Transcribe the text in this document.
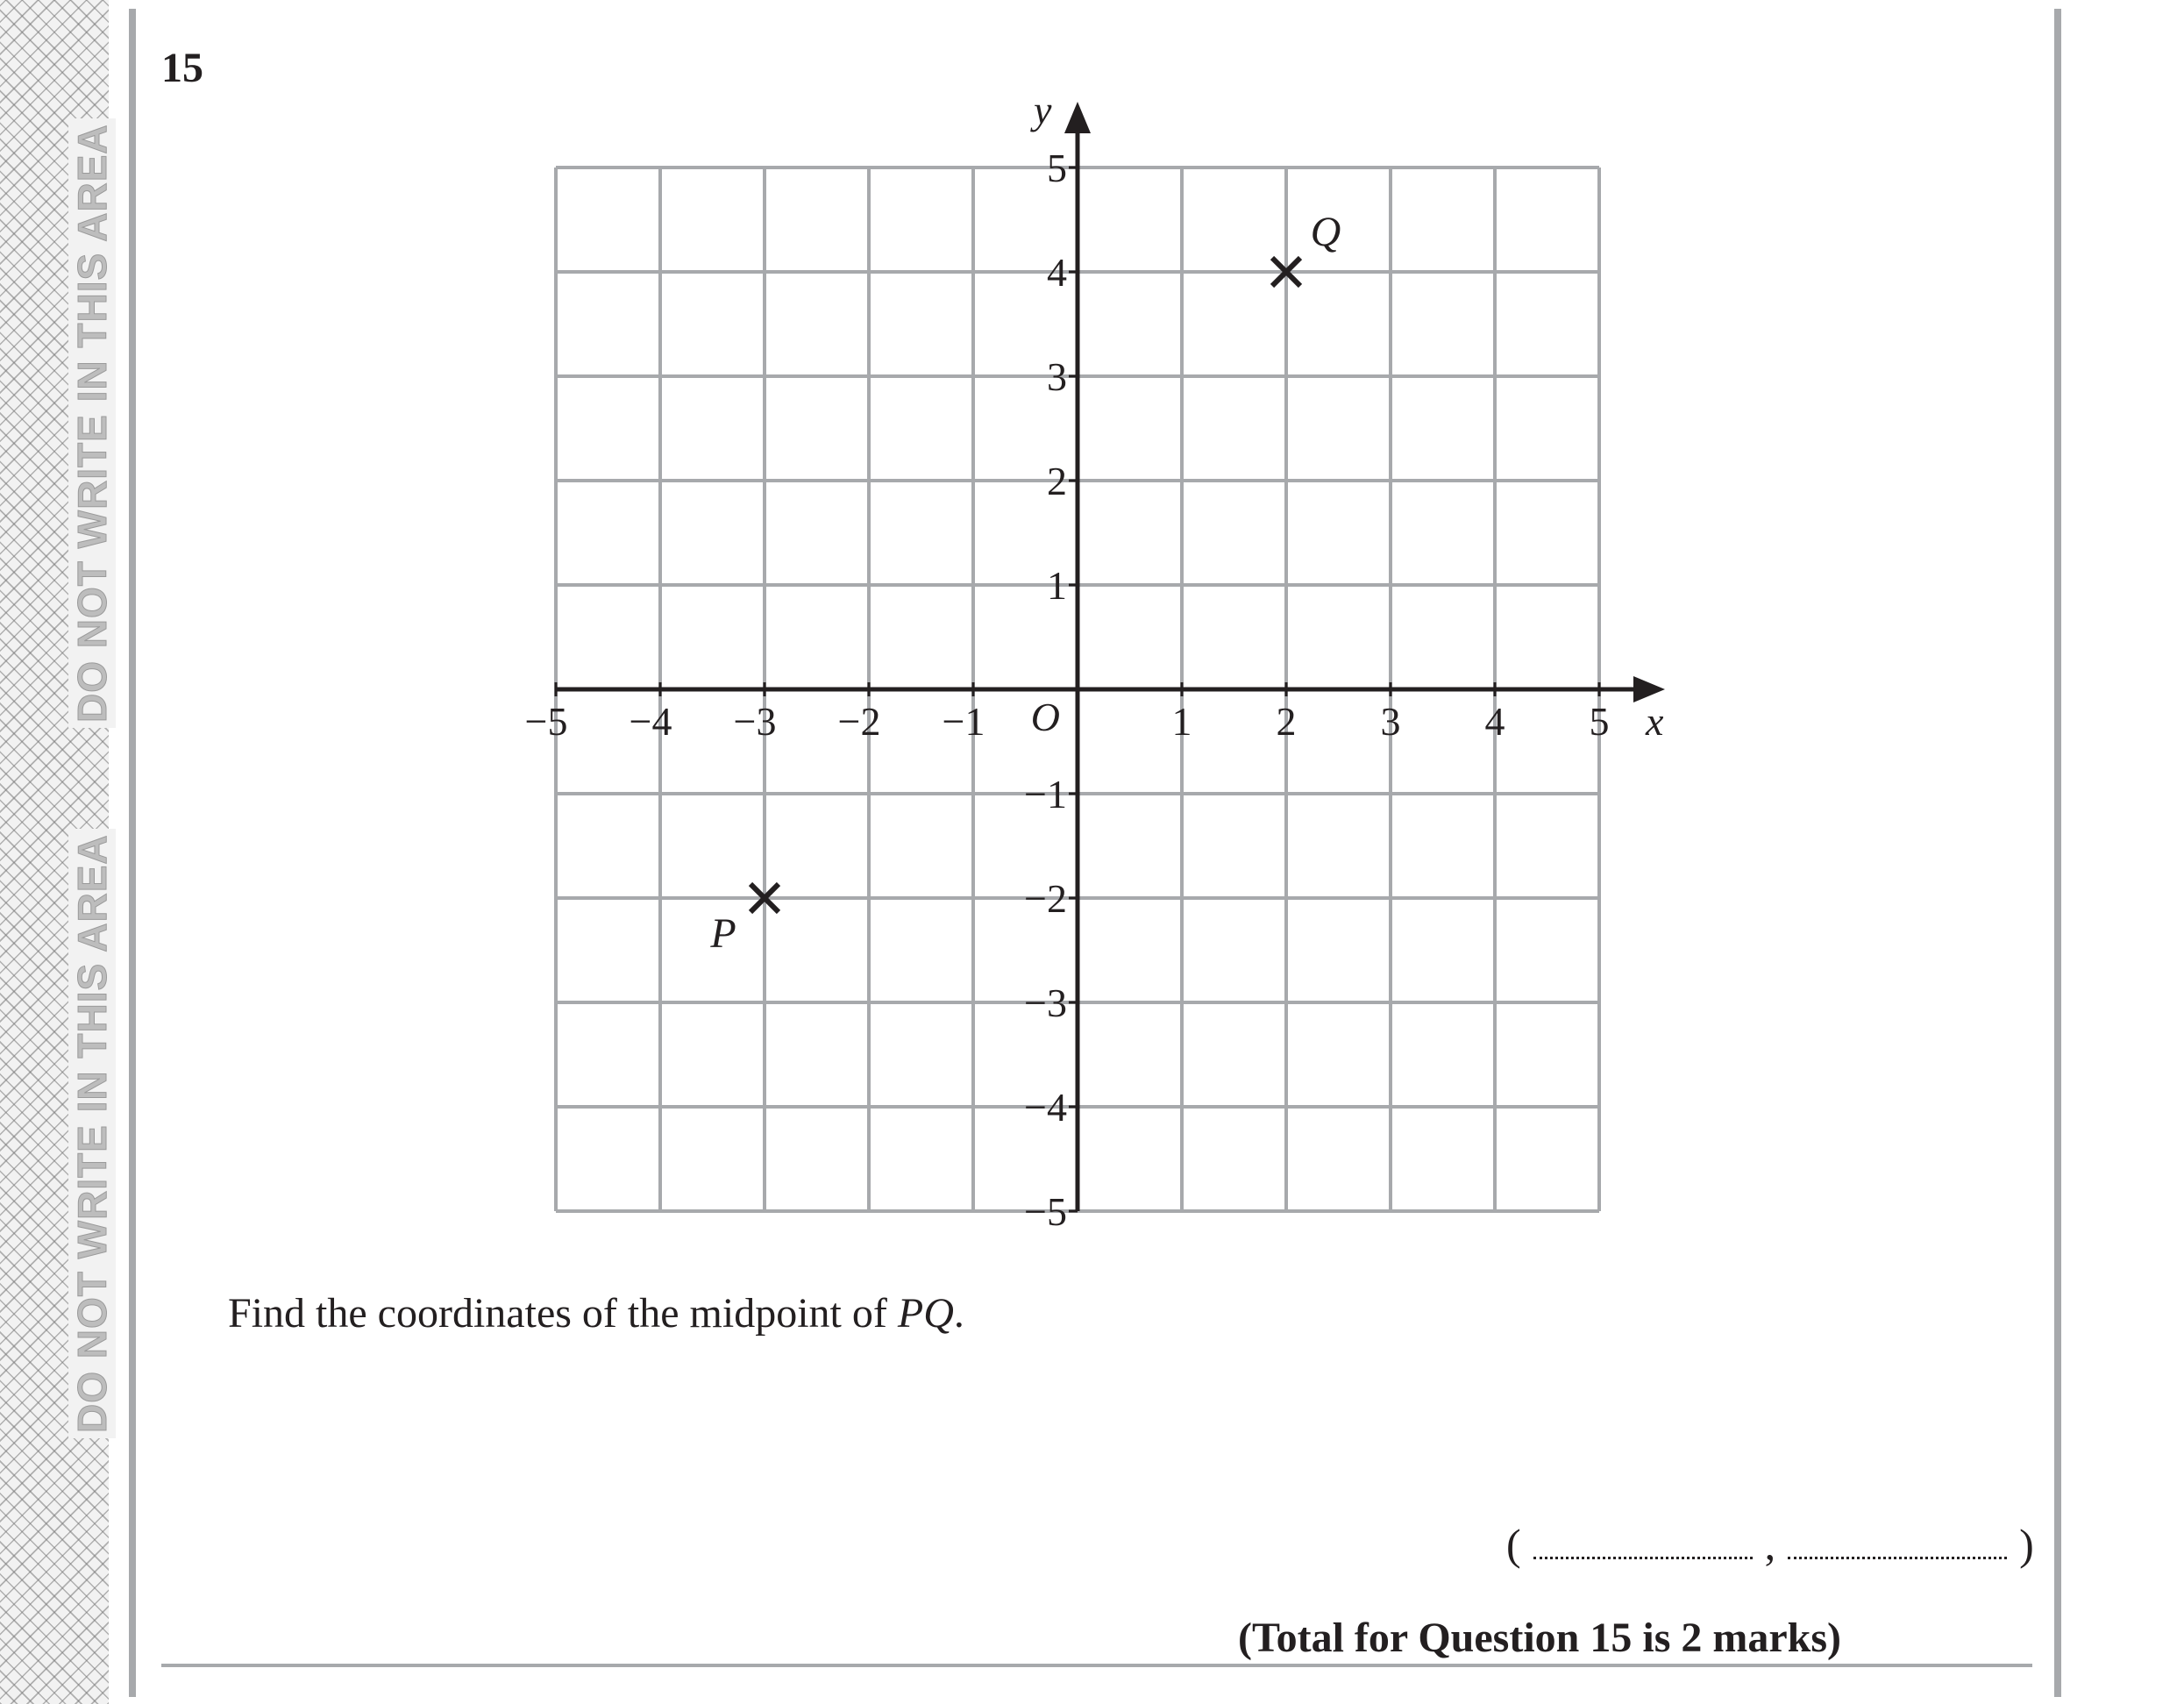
DO NOT WRITE IN THIS AREA
DO NOT WRITE IN THIS AREA
15
x
y
O
−5 −4 −3 −2 −1	1 2 3 4 5
5
4
3
2
1
−1
−2
−3
−4
−5
P
Q
Find the coordinates of the midpoint of PQ.
(	,	)
(Total for Question 15 is 2 marks)
